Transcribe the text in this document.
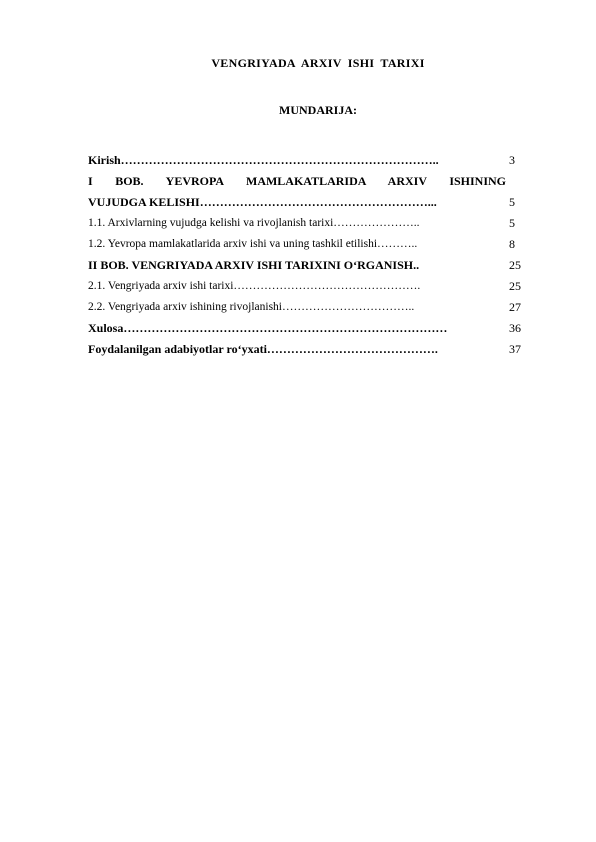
VENGRIYADA ARXIV ISHI TARIXI
MUNDARIJA:
Kirish……………………………………………………………………..	3
I BOB. YEVROPA MAMLAKATLARIDA ARXIV ISHINING
VUJUDGA KELISHI…………………………………………………...	5
1.1. Arxivlarning vujudga kelishi va rivojlanish tarixi…………………..	5
1.2. Yevropa mamlakatlarida arxiv ishi va uning tashkil etilishi………..	8
II BOB. VENGRIYADA ARXIV ISHI TARIXINI O‘RGANISH..	25
2.1. Vengriyada arxiv ishi tarixi………………………………………….	25
2.2. Vengriyada arxiv ishining rivojlanishi……………………………..	27
Xulosa………………………………………………………………………	36
Foydalanilgan adabiyotlar ro‘yxati…………………………………….	37
